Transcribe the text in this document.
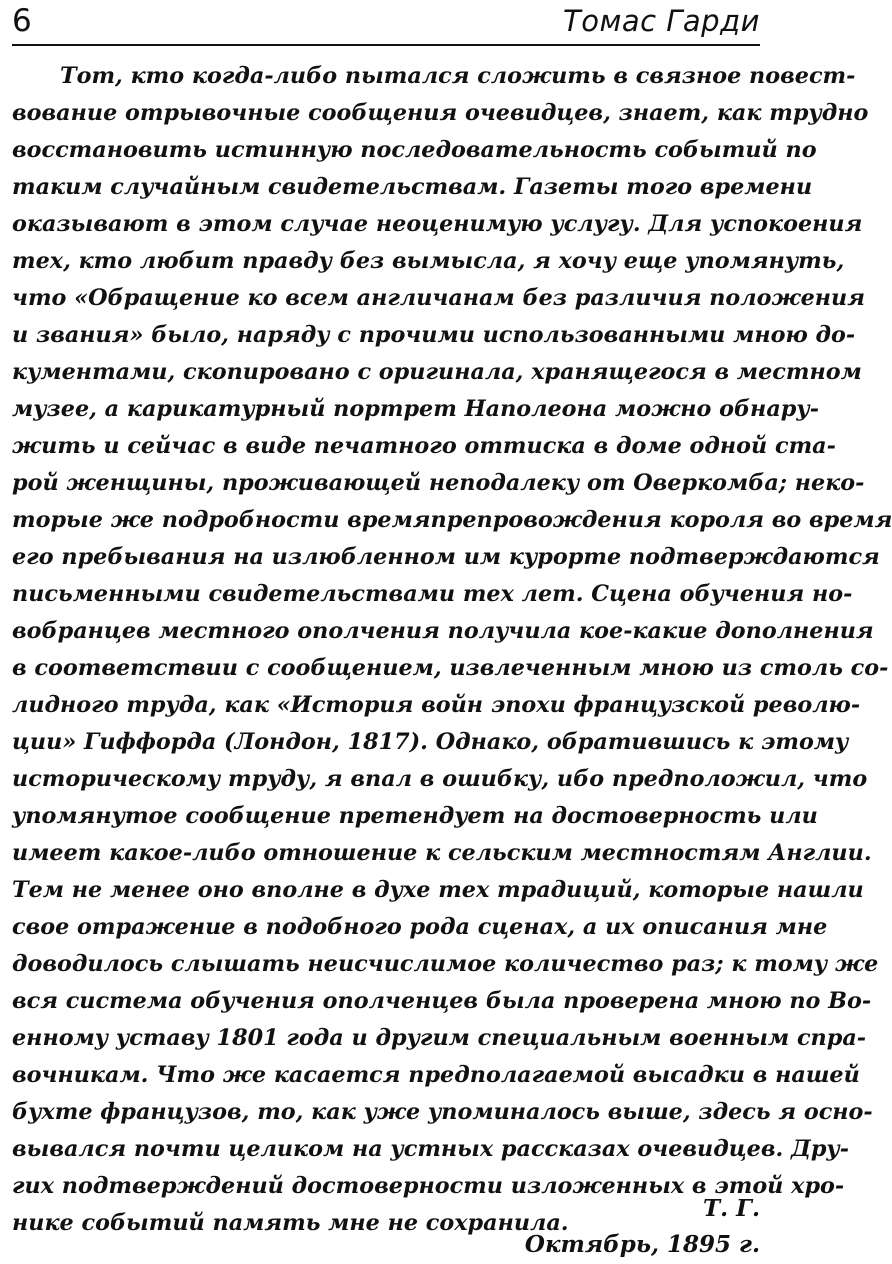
6	Томас Гарди
Тот, кто когда-либо пытался сложить в связное повест-
вование отрывочные сообщения очевидцев, знает, как трудно
восстановить истинную последовательность событий по
таким случайным свидетельствам. Газеты того времени
оказывают в этом случае неоценимую услугу. Для успокоения
тех, кто любит правду без вымысла, я хочу еще упомянуть,
что «Обращение ко всем англичанам без различия положения
и звания» было, наряду с прочими использованными мною до-
кументами, скопировано с оригинала, хранящегося в местном
музее, а карикатурный портрет Наполеона можно обнару-
жить и сейчас в виде печатного оттиска в доме одной ста-
рой женщины, проживающей неподалеку от Оверкомба; неко-
торые же подробности времяпрепровождения короля во время
его пребывания на излюбленном им курорте подтверждаются
письменными свидетельствами тех лет. Сцена обучения но-
вобранцев местного ополчения получила кое-какие дополнения
в соответствии с сообщением, извлеченным мною из столь со-
лидного труда, как «История войн эпохи французской револю-
ции» Гиффорда (Лондон, 1817). Однако, обратившись к этому
историческому труду, я впал в ошибку, ибо предположил, что
упомянутое сообщение претендует на достоверность или
имеет какое-либо отношение к сельским местностям Англии.
Тем не менее оно вполне в духе тех традиций, которые нашли
свое отражение в подобного рода сценах, а их описания мне
доводилось слышать неисчислимое количество раз; к тому же
вся система обучения ополченцев была проверена мною по Во-
енному уставу 1801 года и другим специальным военным спра-
вочникам. Что же касается предполагаемой высадки в нашей
бухте французов, то, как уже упоминалось выше, здесь я осно-
вывался почти целиком на устных рассказах очевидцев. Дру-
гих подтверждений достоверности изложенных в этой хро-
нике событий память мне не сохранила.
Т. Г.
Октябрь, 1895 г.
